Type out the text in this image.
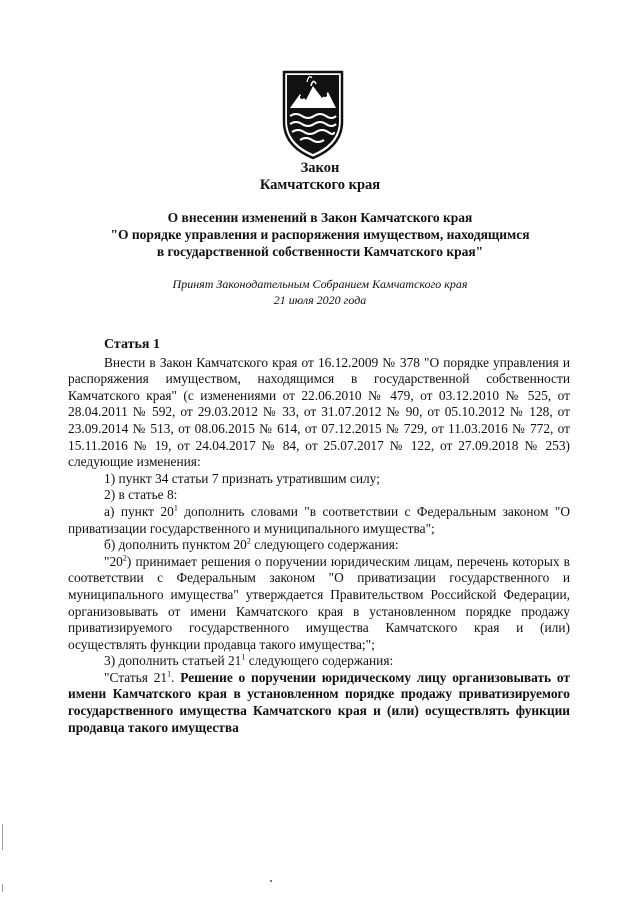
Закон
Камчатского края
О внесении изменений в Закон Камчатского края
"О порядке управления и распоряжения имуществом, находящимся
в государственной собственности Камчатского края"
Принят Законодательным Собранием Камчатского края
21 июля 2020 года

Статья 1

Внести в Закон Камчатского края от 16.12.2009 № 378 "О порядке управления и распоряжения имуществом, находящимся в государственной собственности Камчатского края" (с изменениями от 22.06.2010 № 479, от 03.12.2010 № 525, от 28.04.2011 № 592, от 29.03.2012 № 33, от 31.07.2012 № 90, от 05.10.2012 № 128, от 23.09.2014 № 513, от 08.06.2015 № 614, от 07.12.2015 № 729, от 11.03.2016 № 772, от 15.11.2016 № 19, от 24.04.2017 № 84, от 25.07.2017 № 122, от 27.09.2018 № 253) следующие изменения:

1) пункт 34 статьи 7 признать утратившим силу;

2) в статье 8:

а) пункт $20^1$ дополнить словами "в соответствии с Федеральным законом "О приватизации государственного и муниципального имущества";

б) дополнить пунктом $20^2$ следующего содержания:

"$20^2$) принимает решения о поручении юридическим лицам, перечень которых в соответствии с Федеральным законом "О приватизации государственного и муниципального имущества" утверждается Правительством Российской Федерации, организовывать от имени Камчатского края в установленном порядке продажу приватизируемого государственного имущества Камчатского края и (или) осуществлять функции продавца такого имущества;";

3) дополнить статьей $21^1$ следующего содержания:

"Статья $21^1$. Решение о поручении юридическому лицу организовывать от имени Камчатского края в установленном порядке продажу приватизируемого государственного имущества Камчатского края и (или) осуществлять функции продавца такого имущества
